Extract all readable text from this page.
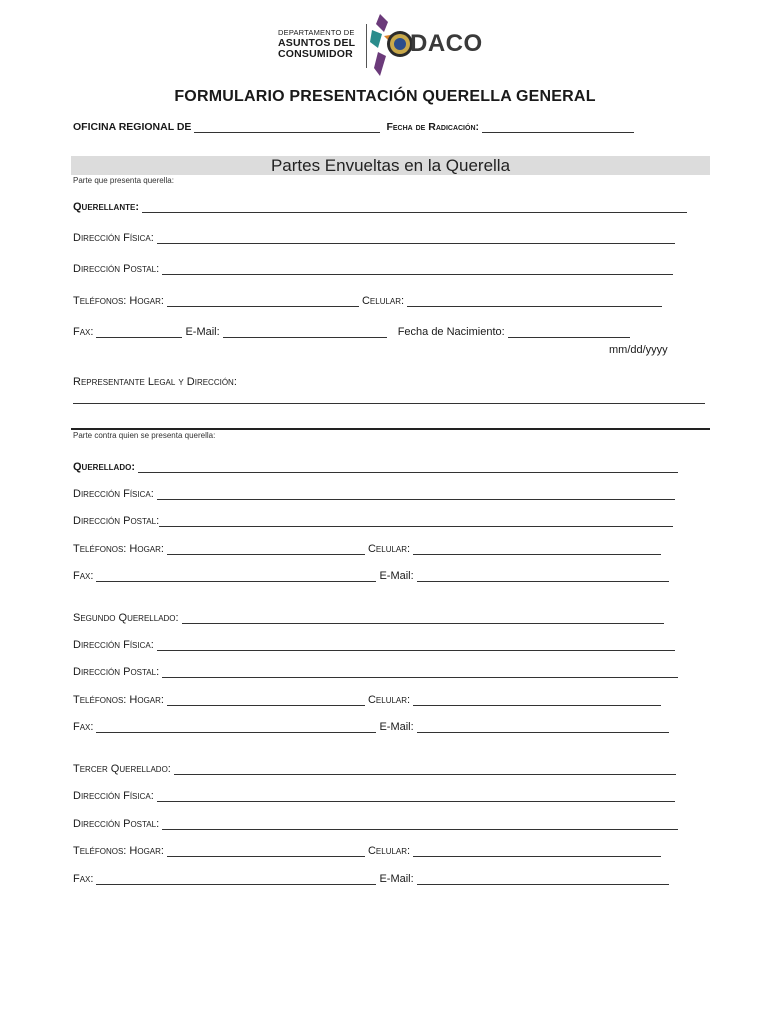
DEPARTAMENTO DE
ASUNTOS DEL
CONSUMIDOR	DACO
FORMULARIO PRESENTACIÓN QUERELLA GENERAL
OFICINA REGIONAL DE	Fecha de Radicación:
Partes Envueltas en la Querella
Parte que presenta querella:
Querellante:
Dirección Física:
Dirección Postal:
Teléfonos: Hogar:	Celular:
Fax:	E-Mail:	Fecha de Nacimiento:
mm/dd/yyyy
Representante Legal y Dirección:
Parte contra quien se presenta querella:
Querellado:
Dirección Física:
Dirección Postal:
Teléfonos: Hogar:	Celular:
Fax:	E-Mail:
Segundo Querellado:
Dirección Física:
Dirección Postal:
Teléfonos: Hogar:	Celular:
Fax:	E-Mail:
Tercer Querellado:
Dirección Física:
Dirección Postal:
Teléfonos: Hogar:	Celular:
Fax:	E-Mail:
